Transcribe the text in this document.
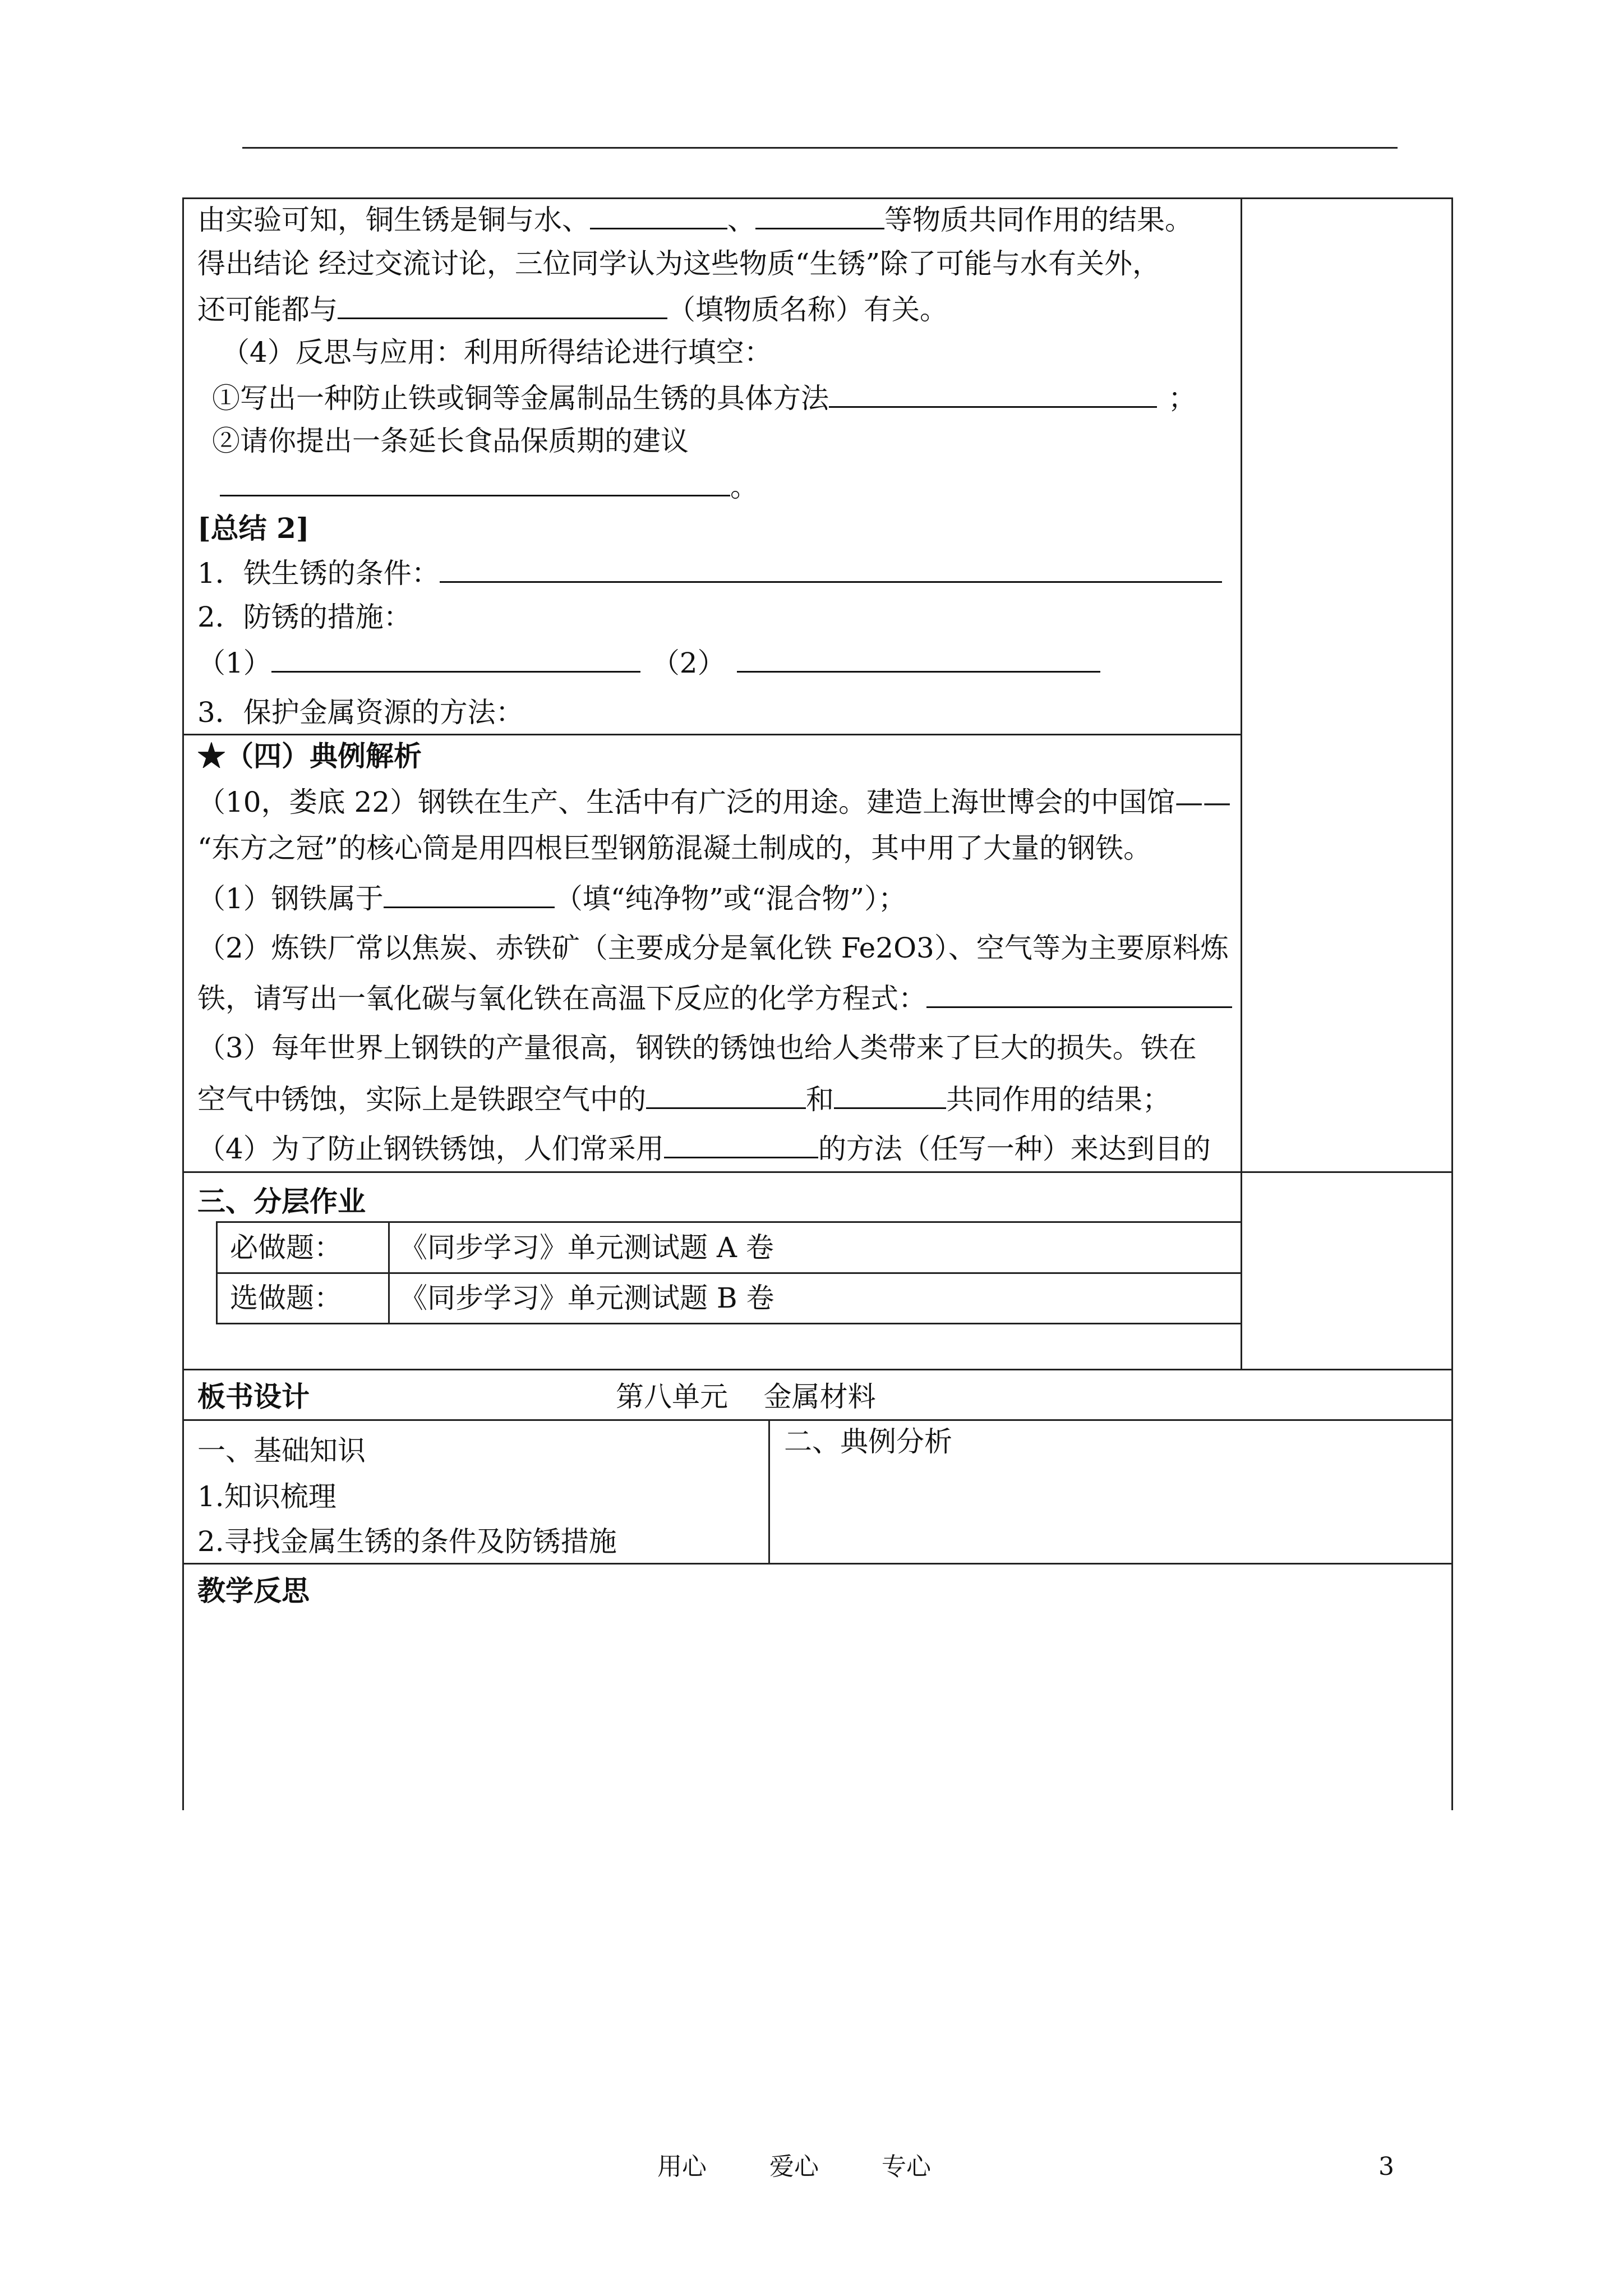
由实验可知，铜生锈是铜与水、	、	等物质共同作用的结果。
得出结论 经过交流讨论，三位同学认为这些物质“生锈”除了可能与水有关外，
还可能都与	（填物质名称）有关。
（4）反思与应用：利用所得结论进行填空：
①写出一种防止铁或铜等金属制品生锈的具体方法	；
②请你提出一条延长食品保质期的建议
。
[总结 2]
1．铁生锈的条件：
2．防锈的措施：
（1）	（2）
3．保护金属资源的方法：
★（四）典例解析
（10，娄底 22）钢铁在生产、生活中有广泛的用途。建造上海世博会的中国馆——
“东方之冠”的核心筒是用四根巨型钢筋混凝土制成的，其中用了大量的钢铁。
（1）钢铁属于	（填“纯净物”或“混合物”）；
（2）炼铁厂常以焦炭、赤铁矿（主要成分是氧化铁 Fe2O3）、空气等为主要原料炼
铁，请写出一氧化碳与氧化铁在高温下反应的化学方程式：
（3）每年世界上钢铁的产量很高，钢铁的锈蚀也给人类带来了巨大的损失。铁在
空气中锈蚀，实际上是铁跟空气中的	和	共同作用的结果；
（4）为了防止钢铁锈蚀，人们常采用	的方法（任写一种）来达到目的
三、分层作业
必做题： 《同步学习》单元测试题 A 卷
选做题： 《同步学习》单元测试题 B 卷
板书设计	第八单元    金属材料
一、基础知识
1.知识梳理
2.寻找金属生锈的条件及防锈措施
二、典例分析
教学反思
用心	爱心	专心	3
